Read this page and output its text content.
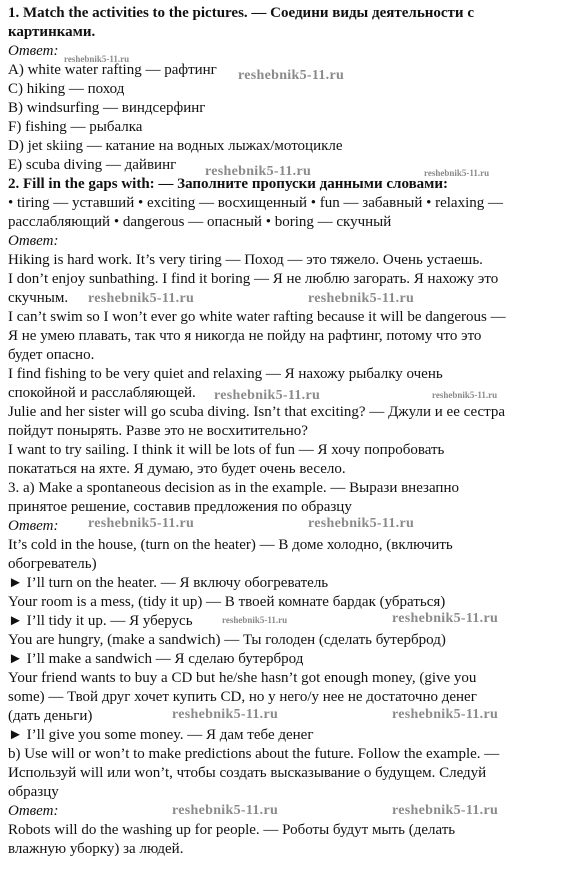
1. Match the activities to the pictures. — Соедини виды деятельности с
картинками.
Ответ:
A) white water rafting — рафтинг
C) hiking — поход
B) windsurfing — виндсерфинг
F) fishing — рыбалка
D) jet skiing — катание на водных лыжах/мотоцикле
E) scuba diving — дайвинг
2. Fill in the gaps with: — Заполните пропуски данными словами:
• tiring — уставший • exciting — восхищенный • fun — забавный • relaxing —
расслабляющий • dangerous — опасный • boring — скучный
Ответ:
Hiking is hard work. It’s very tiring — Поход — это тяжело. Очень устаешь.
I don’t enjoy sunbathing. I find it boring — Я не люблю загорать. Я нахожу это
скучным.
I can’t swim so I won’t ever go white water rafting because it will be dangerous —
Я не умею плавать, так что я никогда не пойду на рафтинг, потому что это
будет опасно.
I find fishing to be very quiet and relaxing — Я нахожу рыбалку очень
спокойной и расслабляющей.
Julie and her sister will go scuba diving. Isn’t that exciting? — Джули и ее сестра
пойдут понырять. Разве это не восхитительно?
I want to try sailing. I think it will be lots of fun — Я хочу попробовать
покататься на яхте. Я думаю, это будет очень весело.
3. a) Make a spontaneous decision as in the example. — Вырази внезапно
принятое решение, составив предложения по образцу
Ответ:
It’s cold in the house, (turn on the heater) — В доме холодно, (включить
обогреватель)
► I’ll turn on the heater. — Я включу обогреватель
Your room is a mess, (tidy it up) — В твоей комнате бардак (убраться)
► I’ll tidy it up. — Я уберусь
You are hungry, (make a sandwich) — Ты голоден (сделать бутерброд)
► I’ll make a sandwich — Я сделаю бутерброд
Your friend wants to buy a CD but he/she hasn’t got enough money, (give you
some) — Твой друг хочет купить CD, но у него/у нее не достаточно денег
(дать деньги)
► I’ll give you some money. — Я дам тебе денег
b) Use will or won’t to make predictions about the future. Follow the example. —
Используй will или won’t, чтобы создать высказывание о будущем. Следуй
образцу
Ответ:
Robots will do the washing up for people. — Роботы будут мыть (делать
влажную уборку) за людей.
reshebnik5-11.ru
reshebnik5-11.ru
reshebnik5-11.ru	reshebnik5-11.ru
reshebnik5-11.ru	reshebnik5-11.ru
reshebnik5-11.ru	reshebnik5-11.ru
reshebnik5-11.ru	reshebnik5-11.ru
reshebnik5-11.ru	reshebnik5-11.ru
reshebnik5-11.ru	reshebnik5-11.ru
reshebnik5-11.ru	reshebnik5-11.ru
